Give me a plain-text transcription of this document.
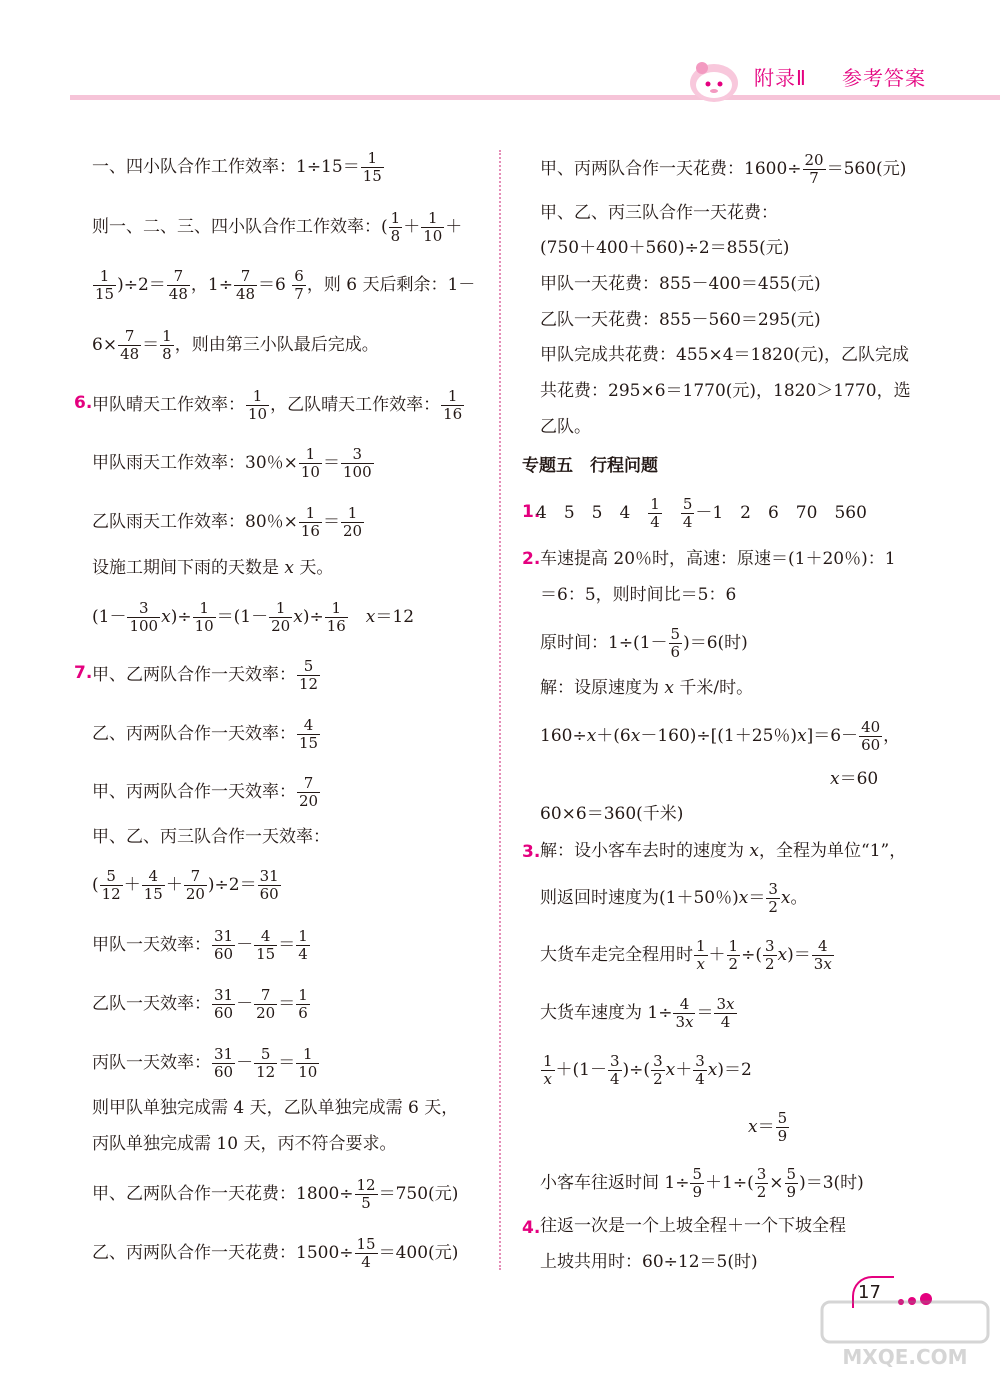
附录Ⅱ 参考答案
一、四小队合作工作效率：$1\div 15= \frac{1}{15}$
则一、二、三、四小队合作工作效率：( $\frac{1}{8} + \frac{1}{10}$ ＋
$\frac{1}{15} )\div 2= \frac{7}{48}$ ，$1\div \frac{7}{48} =6 \frac{6}{7}$ ，则 6 天后剩余：1－
$6\times \frac{7}{48} = \frac{1}{8}$ ，则由第三小队最后完成。
6. 甲队晴天工作效率： $\frac{1}{10}$ ，乙队晴天工作效率： $\frac{1}{16}$
甲队雨天工作效率：30％× $\frac{1}{10} = \frac{3}{100}$
乙队雨天工作效率：80％× $\frac{1}{16} = \frac{1}{20}$
设施工期间下雨的天数是 x 天。
$(1- \frac{3}{100} x)\div \frac{1}{10} =(1- \frac{1}{20} x)\div \frac{1}{16}$
　 x＝12
7. 甲、乙两队合作一天效率： $\frac{5}{12}$
乙、丙两队合作一天效率： $\frac{4}{15}$
甲、丙两队合作一天效率： $\frac{7}{20}$
甲、乙、丙三队合作一天效率：
( $\frac{5}{12} + \frac{4}{15} + \frac{7}{20} )\div 2= \frac{31}{60}$
甲队一天效率： $\frac{31}{60} - \frac{4}{15} = \frac{1}{4}$
乙队一天效率： $\frac{31}{60} - \frac{7}{20} = \frac{1}{6}$
丙队一天效率： $\frac{31}{60} - \frac{5}{12} = \frac{1}{10}$
则甲队单独完成需 4 天，乙队单独完成需 6 天，
丙队单独完成需 10 天，丙不符合要求。
甲、乙两队合作一天花费：$1800\div \frac{12}{5} =750$(元)
乙、丙两队合作一天花费：$1500\div \frac{15}{4} =400$(元)
甲、丙两队合作一天花费：$1600\div \frac{20}{7} =560$(元)
甲、乙、丙三队合作一天花费：
(750＋400＋560)÷2＝855(元)
甲队一天花费：855－400＝455(元)
乙队一天花费：855－560＝295(元)
甲队完成共花费：455×4＝1820(元)，乙队完成
共花费：295×6＝1770(元)，1820＞1770，选
乙队。
专题五　行程问题
1.
4　5　5　4　 $\frac{1}{4}$
　 $\frac{5}{4} -1$　2　6　70　560
2. 车速提高 20％时，高速：原速＝(1＋20％)：1
＝6：5，则时间比＝5：6
原时间：$1\div(1- \frac{5}{6} )=6$(时)
解：设原速度为 x 千米/时。
160÷x＋(6x－160)÷[(1＋25％)$x]=6- \frac{40}{60}$ ，
x＝60
60×6＝360(千米)
3. 解：设小客车去时的速度为 x，全程为单位“1”，
则返回时速度为(1＋50％)$x= \frac{3}{2}$ x。
大货车走完全程用时 $\frac{1}{x} + \frac{1}{2}$ ÷( $\frac{3}{2} x)= \frac{4}{3x}$
大货车速度为 $1\div \frac{4}{3x} = \frac{3x}{4}$
$\frac{1}{x} +(1- \frac{3}{4}$ )÷( $\frac{3}{2} x+ \frac{3}{4} x)=2$
$x= \frac{5}{9}$
小客车往返时间 $1\div \frac{5}{9} +1\div( \frac{3}{2} \times \frac{5}{9} )=3$(时)
4. 往返一次是一个上坡全程＋一个下坡全程
上坡共用时：60÷12＝5(时)
17
MXQE.COM
